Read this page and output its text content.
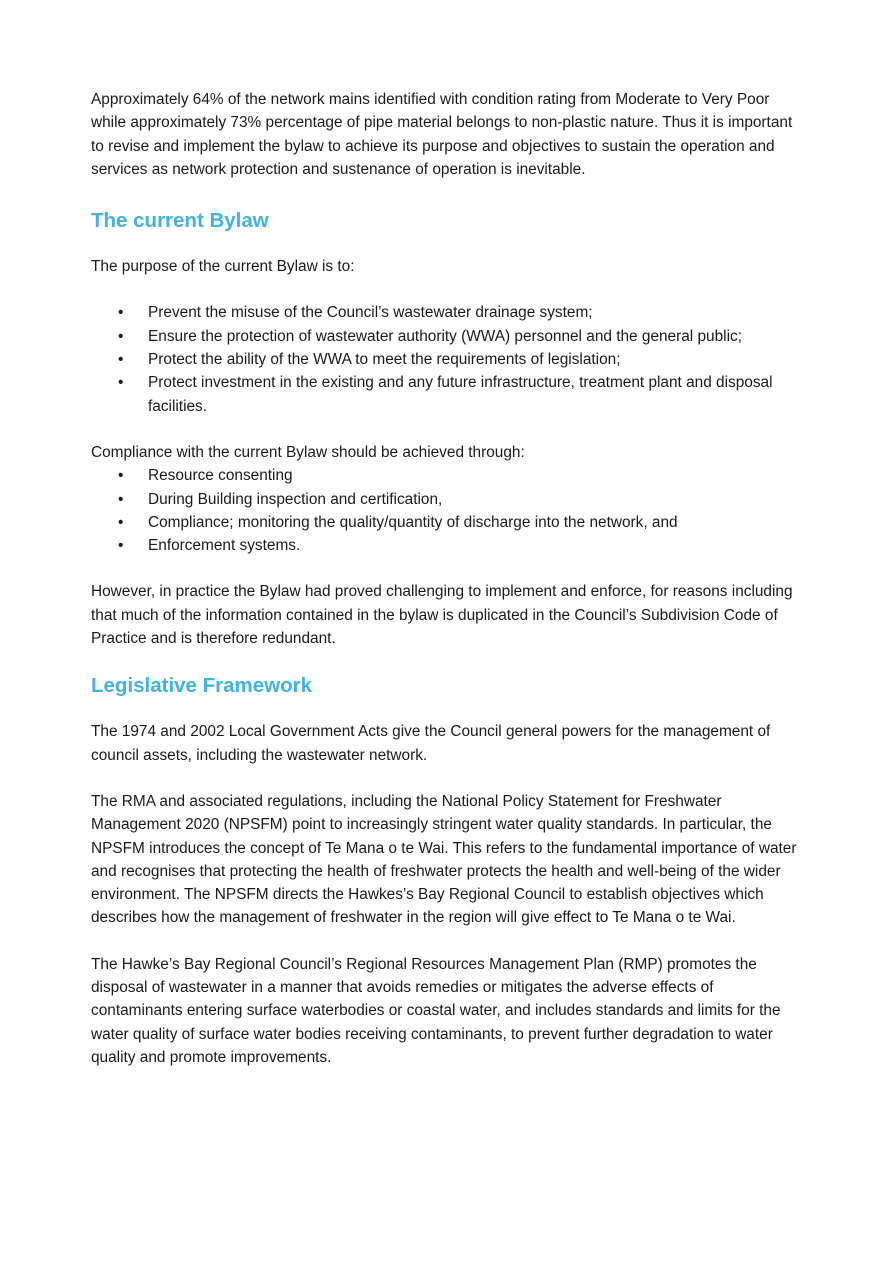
Approximately 64% of the network mains identified with condition rating from Moderate to Very Poor while approximately 73% percentage of pipe material belongs to non-plastic nature. Thus it is important to revise and implement the bylaw to achieve its purpose and objectives to sustain the operation and services as network protection and sustenance of operation is inevitable.

The current Bylaw

The purpose of the current Bylaw is to:

• Prevent the misuse of the Council’s wastewater drainage system;
• Ensure the protection of wastewater authority (WWA) personnel and the general public;
• Protect the ability of the WWA to meet the requirements of legislation;
• Protect investment in the existing and any future infrastructure, treatment plant and disposal facilities.

Compliance with the current Bylaw should be achieved through:

• Resource consenting
• During Building inspection and certification,
• Compliance; monitoring the quality/quantity of discharge into the network, and
• Enforcement systems.

However, in practice the Bylaw had proved challenging to implement and enforce, for reasons including that much of the information contained in the bylaw is duplicated in the Council’s Subdivision Code of Practice and is therefore redundant.

Legislative Framework

The 1974 and 2002 Local Government Acts give the Council general powers for the management of council assets, including the wastewater network.

The RMA and associated regulations, including the National Policy Statement for Freshwater Management 2020 (NPSFM) point to increasingly stringent water quality standards. In particular, the NPSFM introduces the concept of Te Mana o te Wai. This refers to the fundamental importance of water and recognises that protecting the health of freshwater protects the health and well-being of the wider environment. The NPSFM directs the Hawkes’s Bay Regional Council to establish objectives which describes how the management of freshwater in the region will give effect to Te Mana o te Wai.

The Hawke’s Bay Regional Council’s Regional Resources Management Plan (RMP) promotes the disposal of wastewater in a manner that avoids remedies or mitigates the adverse effects of contaminants entering surface waterbodies or coastal water, and includes standards and limits for the water quality of surface water bodies receiving contaminants, to prevent further degradation to water quality and promote improvements.
